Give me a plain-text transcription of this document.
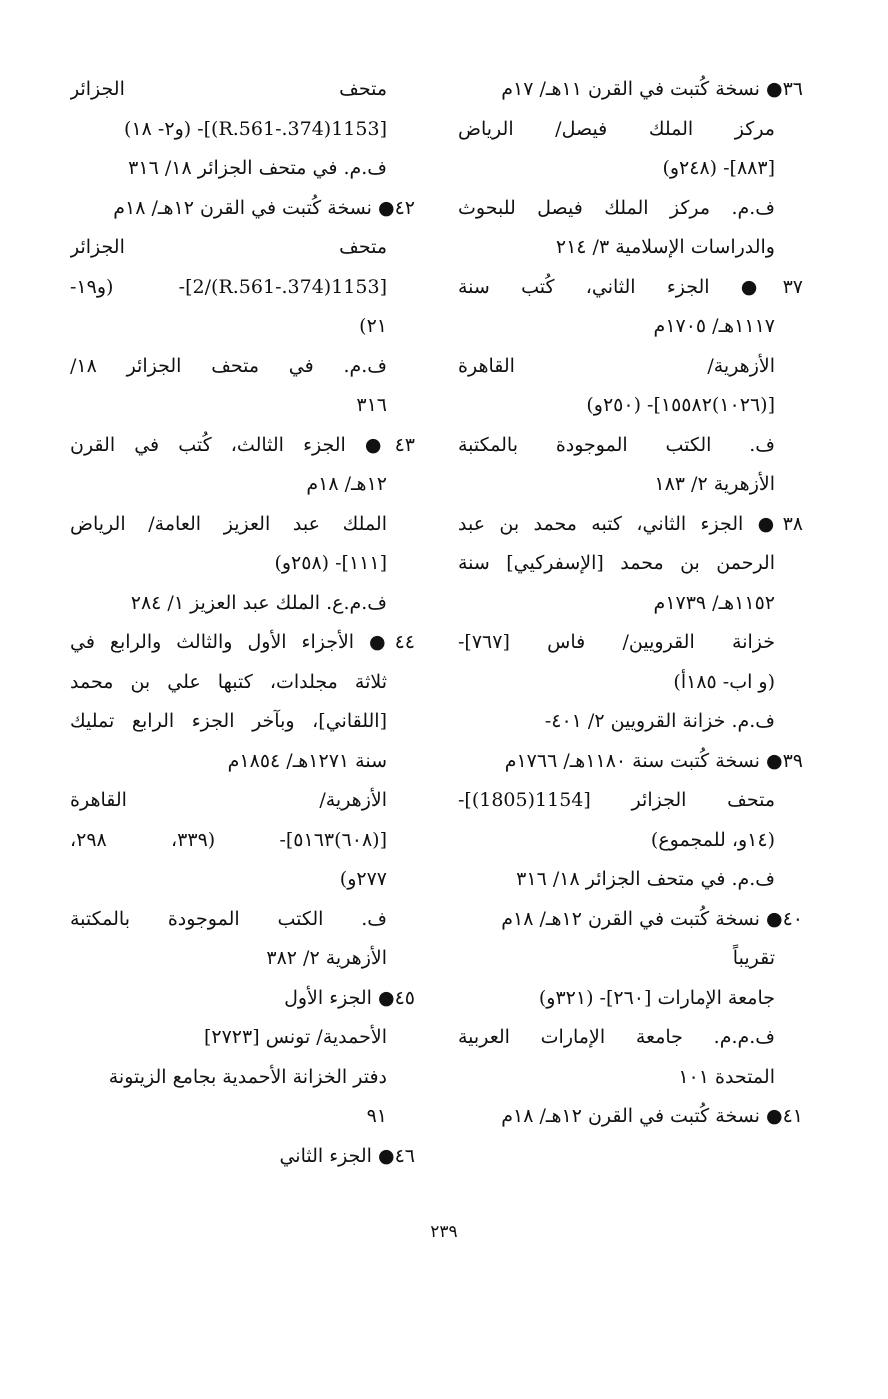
٣٦● نسخة كُتبت في القرن ١١هـ/ ١٧م
مركز الملك فيصل/ الرياض
[٨٨٣]- (٢٤٨و)
ف.م. مركز الملك فيصل للبحوث
والدراسات الإسلامية ٣/ ٢١٤
٣٧● الجزء الثاني، كُتب سنة
١١١٧هـ/ ١٧٠٥م
الأزهرية/ القاهرة
[(١٠٢٦)١٥٥٨٢]- (٢٥٠و)
ف. الكتب الموجودة بالمكتبة
الأزهرية ٢/ ١٨٣
٣٨● الجزء الثاني، كتبه محمد بن عبد
الرحمن بن محمد [الإسفركيي] سنة
١١٥٢هـ/ ١٧٣٩م
خزانة القرويين/ فاس [٧٦٧]-
(و اب- ١٨٥أ)
ف.م. خزانة القرويين ٢/ ٤٠١-
٣٩● نسخة كُتبت سنة ١١٨٠هـ/ ١٧٦٦م
متحف الجزائر [1154(1805)]-
(١٤و، للمجموع)
ف.م. في متحف الجزائر ١٨/ ٣١٦
٤٠● نسخة كُتبت في القرن ١٢هـ/ ١٨م
تقريباً
جامعة الإمارات [٢٦٠]- (٣٢١و)
ف.م.م. جامعة الإمارات العربية
المتحدة ١٠١
٤١● نسخة كُتبت في القرن ١٢هـ/ ١٨م
متحف الجزائر
[1153(374.-R.561)]- (و٢- ١٨)
ف.م. في متحف الجزائر ١٨/ ٣١٦
٤٢● نسخة كُتبت في القرن ١٢هـ/ ١٨م
متحف الجزائر
[1153(374.-R.561)/2]- (و١٩-
٢١)
ف.م. في متحف الجزائر ١٨/
٣١٦
٤٣● الجزء الثالث، كُتب في القرن
١٢هـ/ ١٨م
الملك عبد العزيز العامة/ الرياض
[١١١]- (٢٥٨و)
ف.م.ع. الملك عبد العزيز ١/ ٢٨٤
٤٤● الأجزاء الأول والثالث والرابع في
ثلاثة مجلدات، كتبها علي بن محمد
[اللقاني]، وبآخر الجزء الرابع تمليك
سنة ١٢٧١هـ/ ١٨٥٤م
الأزهرية/ القاهرة
[(٦٠٨)٥١٦٣]- (٣٣٩، ٢٩٨،
٢٧٧و)
ف. الكتب الموجودة بالمكتبة
الأزهرية ٢/ ٣٨٢
٤٥● الجزء الأول
الأحمدية/ تونس [٢٧٢٣]
دفتر الخزانة الأحمدية بجامع الزيتونة
٩١
٤٦● الجزء الثاني
٢٣٩
